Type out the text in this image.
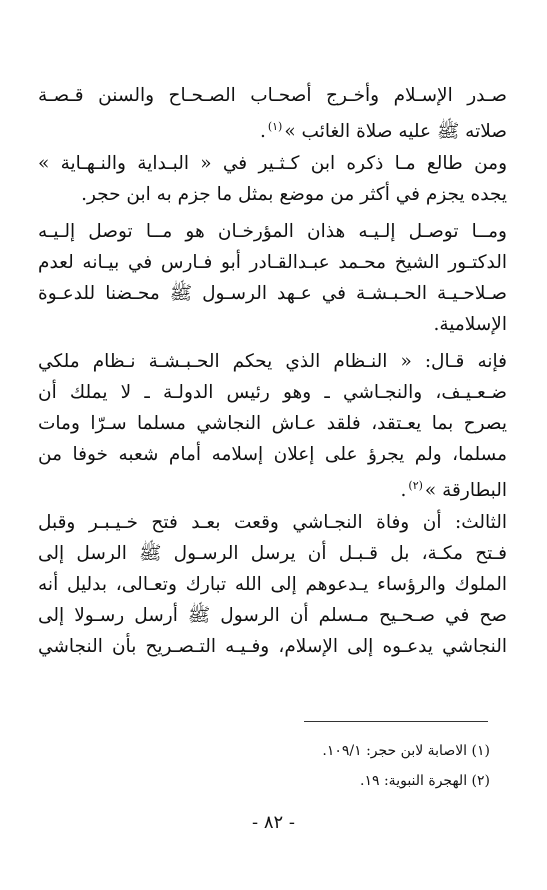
صـدر الإسـلام وأخـرج أصحـاب الصـحـاح والسنن قـصـة
صلاته ﷺ عليه صلاة الغائب »$^{(١)}$.
ومن طالع مـا ذكره ابن كـثـير في « البـداية والنـهـاية »
يجده يجزم في أكثر من موضع بمثل ما جزم به ابن حجر.
ومــا توصـل إلـيـه هذان المؤرخـان هو مــا توصل إلـيـه
الدكتـور الشيخ محـمد عبـدالقـادر أبو فـارس في بيـانه لعدم
صـلاحـيـة الحـبـشـة في عـهد الرسـول ﷺ محـضنا للدعـوة
الإسلامية.
فإنه قـال: « النـظام الذي يحكم الحـبـشـة نـظام ملكي
ضـعـيـف، والنجـاشي ـ وهو رئيس الدولـة ـ لا يملك أن
يصرح بما يعـتقد، فلقد عـاش النجاشي مسلما سـرّا ومات
مسلما، ولم يجرؤ على إعلان إسلامه أمام شعبه خوفا من
البطارقة »$^{(٢)}$.
الثالث: أن وفاة النجـاشي وقعت بعـد فتح خـيـبـر وقبل
فـتح مكـة، بل قـبـل أن يرسل الرسـول ﷺ الرسل إلى
الملوك والرؤساء يـدعوهم إلى الله تبارك وتعـالى، بدليل أنه
صح في صـحـيح مـسلم أن الرسول ﷺ أرسل رسـولا إلى
النجاشي يدعـوه إلى الإسلام، وفـيـه التـصـريح بأن النجاشي
(١) الاصابة لابن حجر: ١٠٩/١.
(٢) الهجرة النبوية: ١٩.
- ٨٢ -
